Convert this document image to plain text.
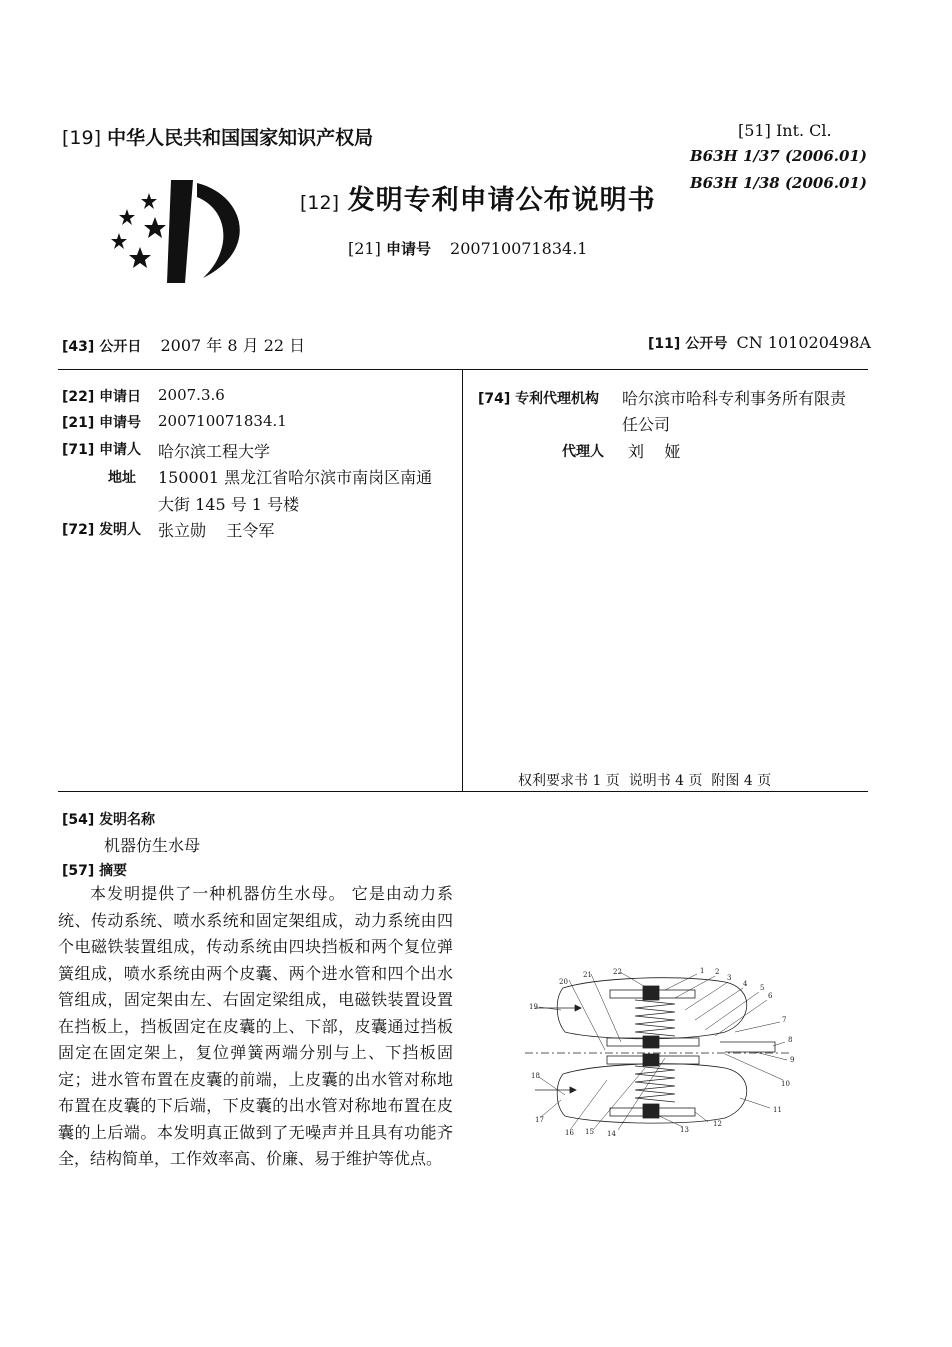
[19] 中华人民共和国国家知识产权局
[12] 发明专利申请公布说明书
[21] 申请号 200710071834.1
[51] Int. Cl.
B63H 1/37 (2006.01)
B63H 1/38 (2006.01)
[43] 公开日 2007 年 8 月 22 日	[11] 公开号 CN 101020498A
[22] 申请日 2007.3.6
[21] 申请号 200710071834.1
[71] 申请人 哈尔滨工程大学
地址 150001 黑龙江省哈尔滨市南岗区南通
大街 145 号 1 号楼
[72] 发明人 张立勋    王令军
[74] 专利代理机构 哈尔滨市哈科专利事务所有限责
任公司
代理人 刘    娅
权利要求书 1 页  说明书 4 页  附图 4 页
[54] 发明名称
机器仿生水母
[57] 摘要

本发明提供了一种机器仿生水母。 它是由动力系统、传动系统、喷水系统和固定架组成，动力系统由四个电磁铁装置组成，传动系统由四块挡板和两个复位弹簧组成，喷水系统由两个皮囊、两个进水管和四个出水管组成，固定架由左、右固定梁组成，电磁铁装置设置在挡板上，挡板固定在皮囊的上、下部，皮囊通过挡板固定在固定架上，复位弹簧两端分别与上、下挡板固定；进水管布置在皮囊的前端，上皮囊的出水管对称地布置在皮囊的下后端，下皮囊的出水管对称地布置在皮囊的上后端。本发明真正做到了无噪声并且具有功能齐全，结构简单，工作效率高、价廉、易于维护等优点。

1 2
3
4 5
6
7
8
9
10
11
12
13
14
15
16
17
18
19
20
21	22
